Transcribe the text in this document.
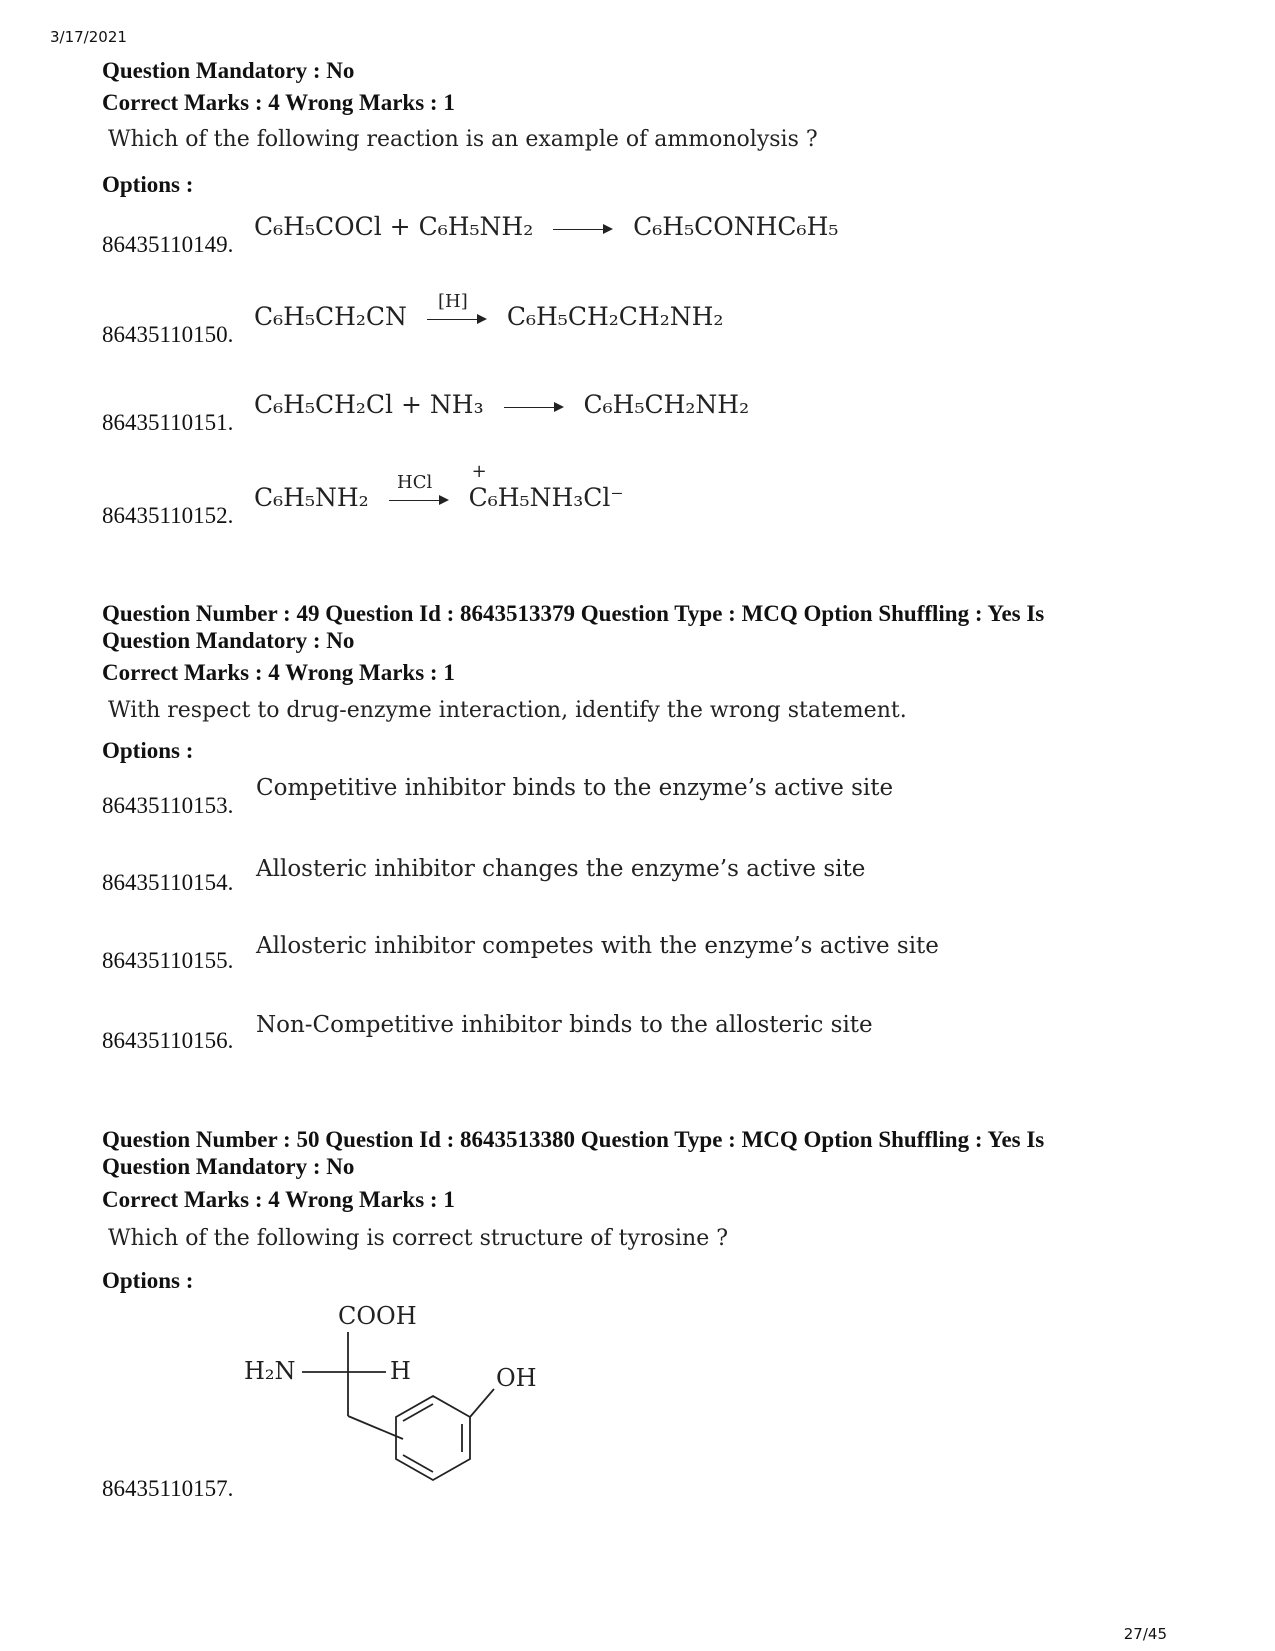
3/17/2021
27/45
Question Mandatory : No
Correct Marks : 4 Wrong Marks : 1
Which of the following reaction is an example of ammonolysis ?
Options :
86435110149.
C₆H₅COCl + C₆H₅NH₂	C₆H₅CONHC₆H₅
86435110150.
C₆H₅CH₂CN
[H]
C₆H₅CH₂CH₂NH₂
86435110151.
C₆H₅CH₂Cl + NH₃	C₆H₅CH₂NH₂
86435110152.
C₆H₅NH₂
HCl
	+
C₆H₅NH₃Cl⁻
Question Number : 49 Question Id : 8643513379 Question Type : MCQ Option Shuffling : Yes Is
Question Mandatory : No
Correct Marks : 4 Wrong Marks : 1
With respect to drug-enzyme interaction, identify the wrong statement.
Options :
86435110153.
Competitive inhibitor binds to the enzyme’s active site
86435110154.
Allosteric inhibitor changes the enzyme’s active site
86435110155.
Allosteric inhibitor competes with the enzyme’s active site
86435110156.
Non-Competitive inhibitor binds to the allosteric site
Question Number : 50 Question Id : 8643513380 Question Type : MCQ Option Shuffling : Yes Is
Question Mandatory : No
Correct Marks : 4 Wrong Marks : 1
Which of the following is correct structure of tyrosine ?
Options :
86435110157.
COOH
H₂N	H	OH
